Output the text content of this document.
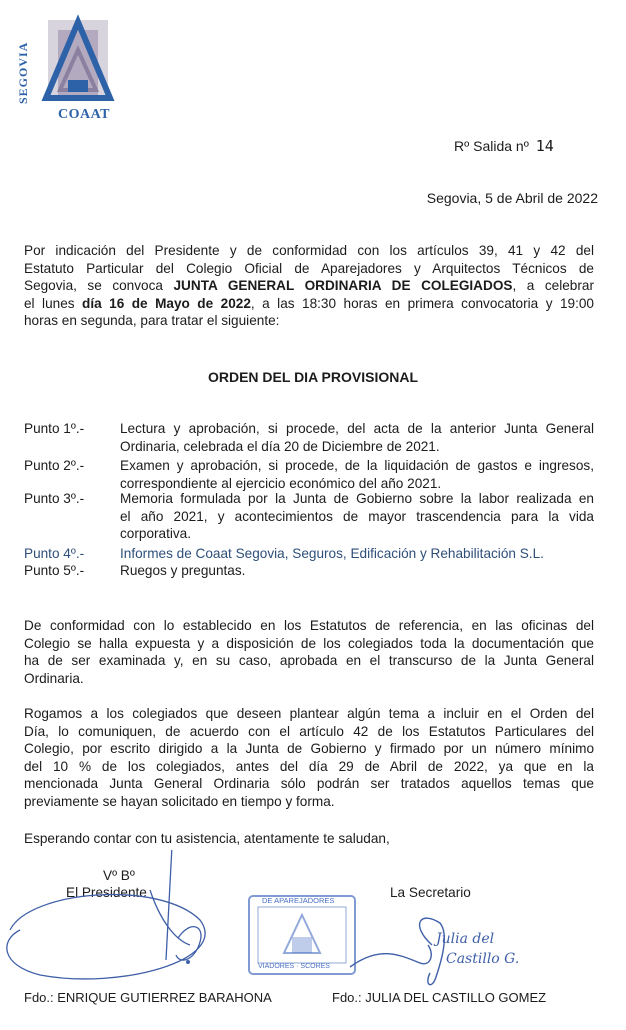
SEGOVIA
COAAT
Rº Salida nº 14
Segovia, 5 de Abril de 2022
Por indicación del Presidente y de conformidad con los artículos 39, 41 y 42 del
Estatuto Particular del Colegio Oficial de Aparejadores y Arquitectos Técnicos de
Segovia, se convoca JUNTA GENERAL ORDINARIA DE COLEGIADOS, a celebrar
el lunes día 16 de Mayo de 2022, a las 18:30 horas en primera convocatoria y 19:00
horas en segunda, para tratar el siguiente:
ORDEN DEL DIA PROVISIONAL
Punto 1º.-	Lectura y aprobación, si procede, del acta de la anterior Junta General
Ordinaria, celebrada el día 20 de Diciembre de 2021.
Punto 2º.-	Examen y aprobación, si procede, de la liquidación de gastos e ingresos,
correspondiente al ejercicio económico del año 2021.
Punto 3º.-	Memoria formulada por la Junta de Gobierno sobre la labor realizada en
el año 2021, y acontecimientos de mayor trascendencia para la vida
corporativa.
Punto 4º.-	Informes de Coaat Segovia, Seguros, Edificación y Rehabilitación S.L.
Punto 5º.-	Ruegos y preguntas.
De conformidad con lo establecido en los Estatutos de referencia, en las oficinas del
Colegio se halla expuesta y a disposición de los colegiados toda la documentación que
ha de ser examinada y, en su caso, aprobada en el transcurso de la Junta General
Ordinaria.
Rogamos a los colegiados que deseen plantear algún tema a incluir en el Orden del
Día, lo comuniquen, de acuerdo con el artículo 42 de los Estatutos Particulares del
Colegio, por escrito dirigido a la Junta de Gobierno y firmado por un número mínimo
del 10 % de los colegiados, antes del día 29 de Abril de 2022, ya que en la
mencionada Junta General Ordinaria sólo podrán ser tratados aquellos temas que
previamente se hayan solicitado en tiempo y forma.
Esperando contar con tu asistencia, atentamente te saludan,
Vº Bº
El Presidente	La Secretario
DE APAREJADORES
VIADORES · SCORES
Julia del
Castillo G.
Fdo.: ENRIQUE GUTIERREZ BARAHONA	Fdo.: JULIA DEL CASTILLO GOMEZ
